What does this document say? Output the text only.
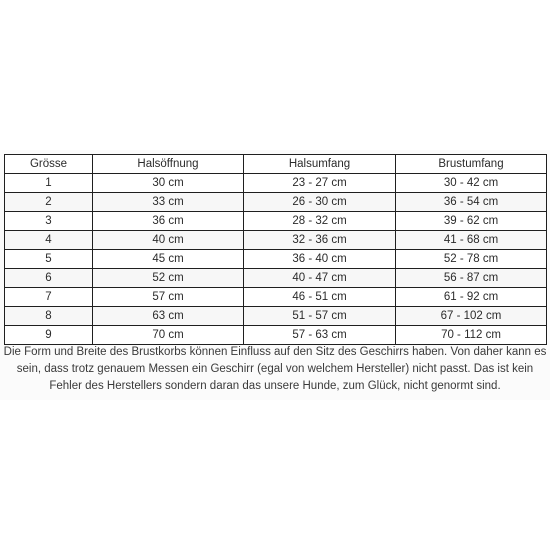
Grösse	Halsöffnung	Halsumfang	Brustumfang
1	30 cm	23 - 27 cm	30 - 42 cm
2	33 cm	26 - 30 cm	36 - 54 cm
3	36 cm	28 - 32 cm	39 - 62 cm
4	40 cm	32 - 36 cm	41 - 68 cm
5	45 cm	36 - 40 cm	52 - 78 cm
6	52 cm	40 - 47 cm	56 - 87 cm
7	57 cm	46 - 51 cm	61 - 92 cm
8	63 cm	51 - 57 cm	67 - 102 cm
9	70 cm	57 - 63 cm	70 - 112 cm

Die Form und Breite des Brustkorbs können Einfluss auf den Sitz des Geschirrs haben. Von daher kann es sein, dass trotz genauem Messen ein Geschirr (egal von welchem Hersteller) nicht passt. Das ist kein Fehler des Herstellers sondern daran das unsere Hunde, zum Glück, nicht genormt sind.
